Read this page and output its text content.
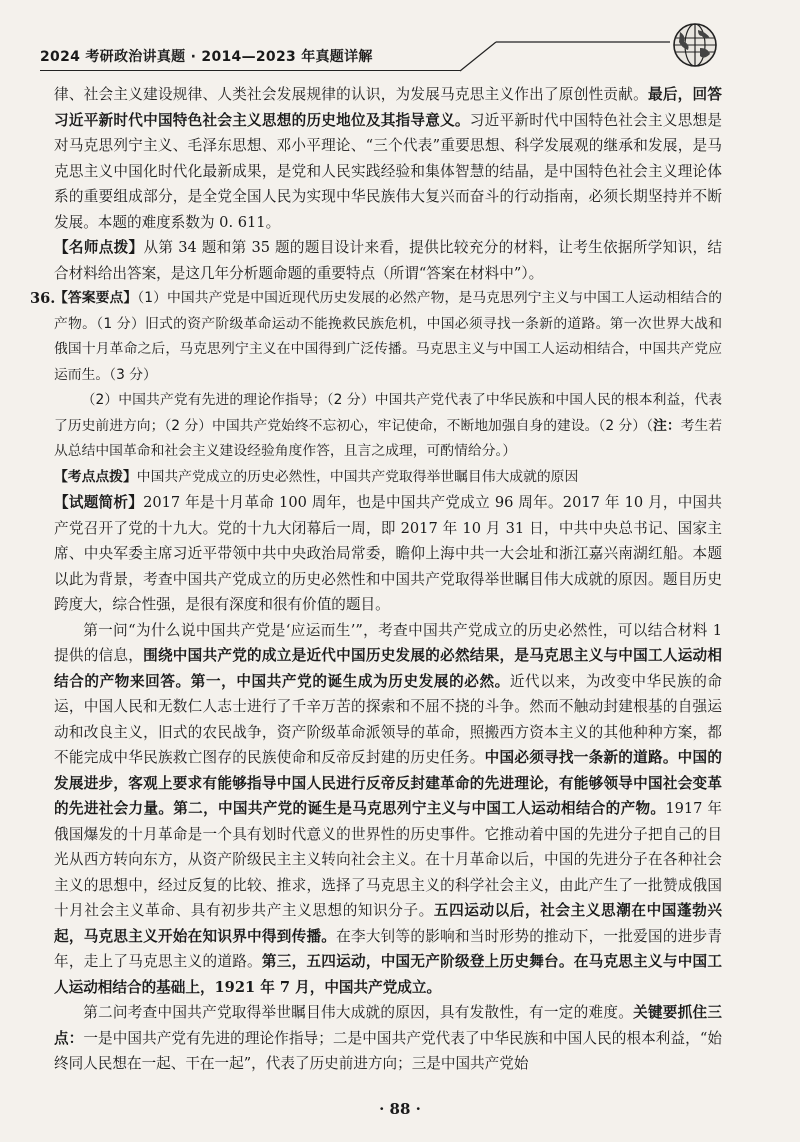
2024 考研政治讲真题 · 2014—2023 年真题详解

律、社会主义建设规律、人类社会发展规律的认识，为发展马克思主义作出了原创性贡献。最后，回答习近平新时代中国特色社会主义思想的历史地位及其指导意义。习近平新时代中国特色社会主义思想是对马克思列宁主义、毛泽东思想、邓小平理论、“三个代表”重要思想、科学发展观的继承和发展，是马克思主义中国化时代化最新成果，是党和人民实践经验和集体智慧的结晶，是中国特色社会主义理论体系的重要组成部分，是全党全国人民为实现中华民族伟大复兴而奋斗的行动指南，必须长期坚持并不断发展。本题的难度系数为 0. 611。

【名师点拨】从第 34 题和第 35 题的题目设计来看，提供比较充分的材料，让考生依据所学知识，结合材料给出答案，是这几年分析题命题的重要特点（所谓“答案在材料中”）。

36.

【答案要点】（1）中国共产党是中国近现代历史发展的必然产物，是马克思列宁主义与中国工人运动相结合的产物。（1 分）旧式的资产阶级革命运动不能挽救民族危机，中国必须寻找一条新的道路。第一次世界大战和俄国十月革命之后，马克思列宁主义在中国得到广泛传播。马克思主义与中国工人运动相结合，中国共产党应运而生。（3 分）

（2）中国共产党有先进的理论作指导；（2 分）中国共产党代表了中华民族和中国人民的根本利益，代表了历史前进方向；（2 分）中国共产党始终不忘初心，牢记使命，不断地加强自身的建设。（2 分）（注：考生若从总结中国革命和社会主义建设经验角度作答，且言之成理，可酌情给分。）

【考点点拨】中国共产党成立的历史必然性，中国共产党取得举世瞩目伟大成就的原因

【试题简析】2017 年是十月革命 100 周年，也是中国共产党成立 96 周年。2017 年 10 月，中国共产党召开了党的十九大。党的十九大闭幕后一周，即 2017 年 10 月 31 日，中共中央总书记、国家主席、中央军委主席习近平带领中共中央政治局常委，瞻仰上海中共一大会址和浙江嘉兴南湖红船。本题以此为背景，考查中国共产党成立的历史必然性和中国共产党取得举世瞩目伟大成就的原因。题目历史跨度大，综合性强，是很有深度和很有价值的题目。

第一问“为什么说中国共产党是‘应运而生’”，考查中国共产党成立的历史必然性，可以结合材料 1 提供的信息，围绕中国共产党的成立是近代中国历史发展的必然结果，是马克思主义与中国工人运动相结合的产物来回答。第一，中国共产党的诞生成为历史发展的必然。近代以来，为改变中华民族的命运，中国人民和无数仁人志士进行了千辛万苦的探索和不屈不挠的斗争。然而不触动封建根基的自强运动和改良主义，旧式的农民战争，资产阶级革命派领导的革命，照搬西方资本主义的其他种种方案，都不能完成中华民族救亡图存的民族使命和反帝反封建的历史任务。中国必须寻找一条新的道路。中国的发展进步，客观上要求有能够指导中国人民进行反帝反封建革命的先进理论，有能够领导中国社会变革的先进社会力量。第二，中国共产党的诞生是马克思列宁主义与中国工人运动相结合的产物。1917 年俄国爆发的十月革命是一个具有划时代意义的世界性的历史事件。它推动着中国的先进分子把自己的目光从西方转向东方，从资产阶级民主主义转向社会主义。在十月革命以后，中国的先进分子在各种社会主义的思想中，经过反复的比较、推求，选择了马克思主义的科学社会主义，由此产生了一批赞成俄国十月社会主义革命、具有初步共产主义思想的知识分子。五四运动以后，社会主义思潮在中国蓬勃兴起，马克思主义开始在知识界中得到传播。在李大钊等的影响和当时形势的推动下，一批爱国的进步青年，走上了马克思主义的道路。第三，五四运动，中国无产阶级登上历史舞台。在马克思主义与中国工人运动相结合的基础上，1921 年 7 月，中国共产党成立。

第二问考查中国共产党取得举世瞩目伟大成就的原因，具有发散性，有一定的难度。关键要抓住三点：一是中国共产党有先进的理论作指导；二是中国共产党代表了中华民族和中国人民的根本利益，“始终同人民想在一起、干在一起”，代表了历史前进方向；三是中国共产党始

· 88 ·
